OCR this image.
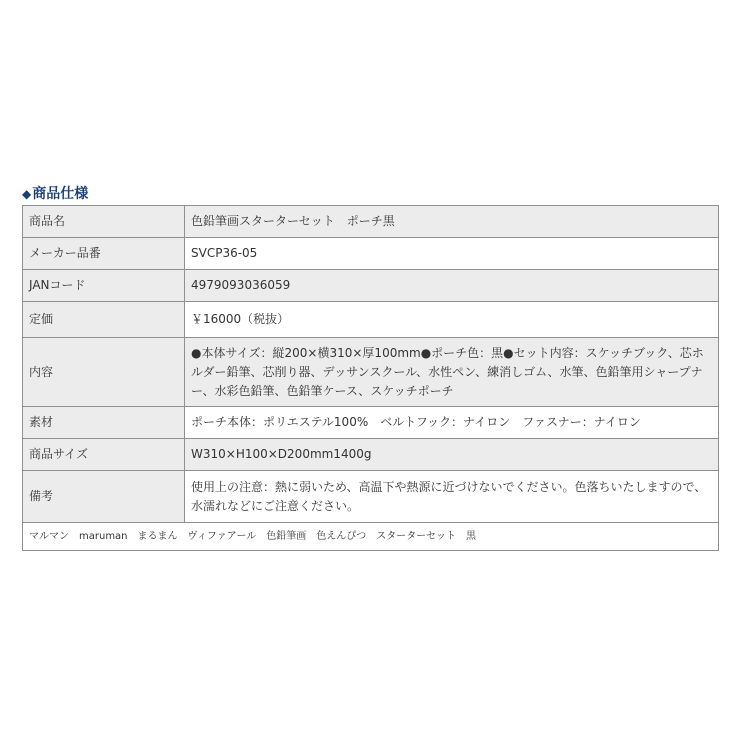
◆商品仕様
商品名	色鉛筆画スターターセット　ポーチ黒
メーカー品番	SVCP36-05
JANコード	4979093036059
定価	￥16000（税抜）
内容	●本体サイズ：縦200×横310×厚100mm●ポーチ色：黒●セット内容：スケッチブック、芯ホルダー鉛筆、芯削り器、デッサンスクール、水性ペン、練消しゴム、水筆、色鉛筆用シャープナー、水彩色鉛筆、色鉛筆ケース、スケッチポーチ
素材	ポーチ本体：ポリエステル100%　ベルトフック：ナイロン　ファスナー：ナイロン
商品サイズ	W310×H100×D200mm1400g
備考	使用上の注意：熱に弱いため、高温下や熱源に近づけないでください。色落ちいたしますので、水濡れなどにご注意ください。
マルマン　maruman　まるまん　ヴィファアール　色鉛筆画　色えんぴつ　スターターセット　黒	
